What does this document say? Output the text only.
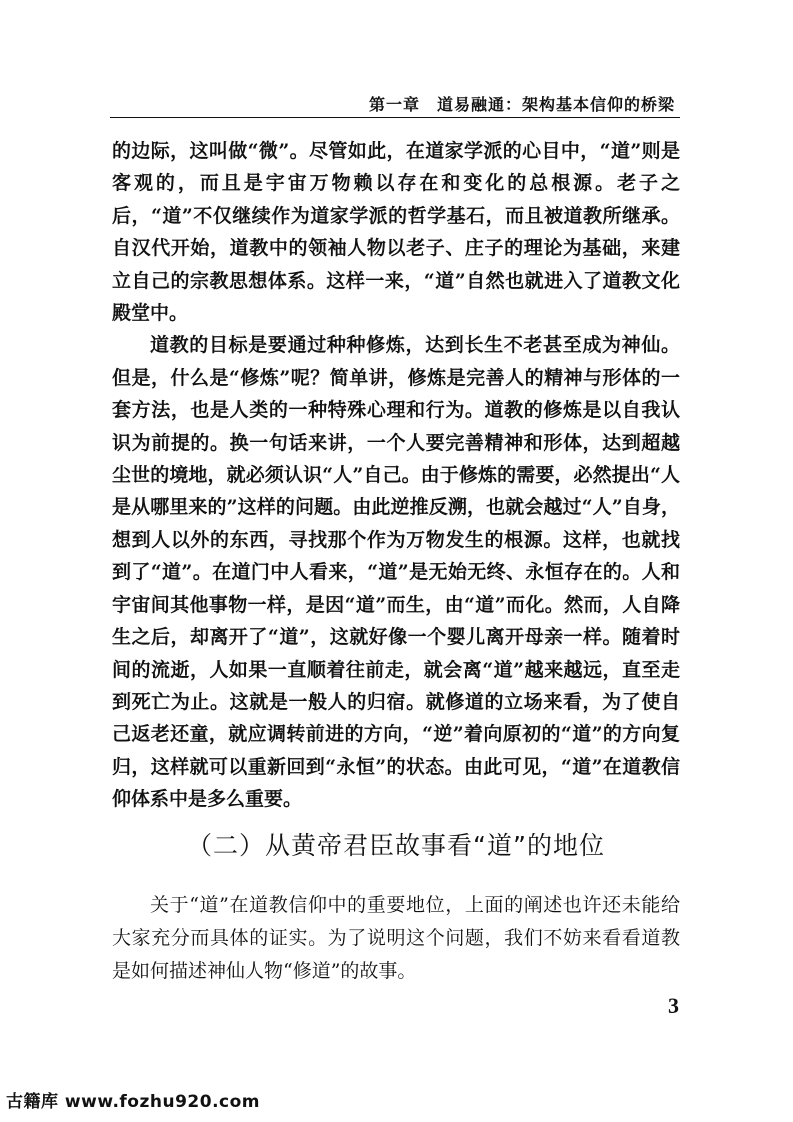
第一章　道易融通：架构基本信仰的桥梁

的边际，这叫做“微”。尽管如此，在道家学派的心目中，“道”则是客观的，而且是宇宙万物赖以存在和变化的总根源。老子之后，“道”不仅继续作为道家学派的哲学基石，而且被道教所继承。自汉代开始，道教中的领袖人物以老子、庄子的理论为基础，来建立自己的宗教思想体系。这样一来，“道”自然也就进入了道教文化殿堂中。

道教的目标是要通过种种修炼，达到长生不老甚至成为神仙。但是，什么是“修炼”呢？简单讲，修炼是完善人的精神与形体的一套方法，也是人类的一种特殊心理和行为。道教的修炼是以自我认识为前提的。换一句话来讲，一个人要完善精神和形体，达到超越尘世的境地，就必须认识“人”自己。由于修炼的需要，必然提出“人是从哪里来的”这样的问题。由此逆推反溯，也就会越过“人”自身，想到人以外的东西，寻找那个作为万物发生的根源。这样，也就找到了“道”。在道门中人看来，“道”是无始无终、永恒存在的。人和宇宙间其他事物一样，是因“道”而生，由“道”而化。然而，人自降生之后，却离开了“道”，这就好像一个婴儿离开母亲一样。随着时间的流逝，人如果一直顺着往前走，就会离“道”越来越远，直至走到死亡为止。这就是一般人的归宿。就修道的立场来看，为了使自己返老还童，就应调转前进的方向，“逆”着向原初的“道”的方向复归，这样就可以重新回到“永恒”的状态。由此可见，“道”在道教信仰体系中是多么重要。

（二）从黄帝君臣故事看“道”的地位

关于“道”在道教信仰中的重要地位，上面的阐述也许还未能给大家充分而具体的证实。为了说明这个问题，我们不妨来看看道教是如何描述神仙人物“修道”的故事。

3
古籍库 www.fozhu920.com
